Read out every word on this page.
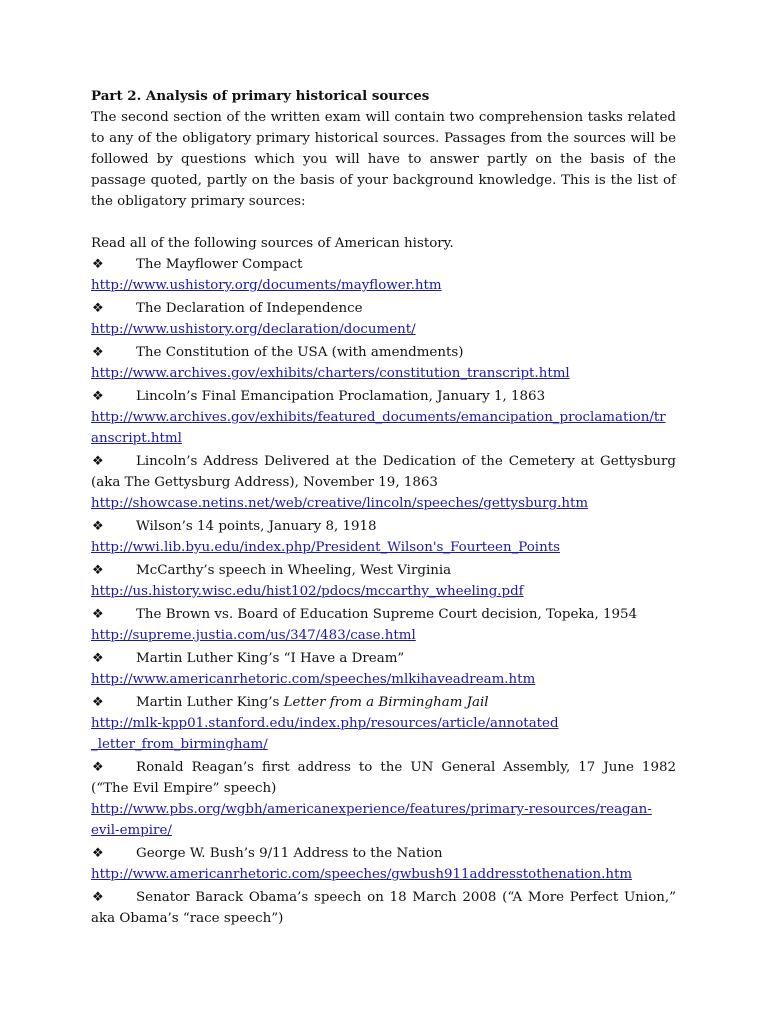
Part 2. Analysis of primary historical sources

The second section of the written exam will contain two comprehension tasks related to any of the obligatory primary historical sources. Passages from the sources will be followed by questions which you will have to answer partly on the basis of the passage quoted, partly on the basis of your background knowledge. This is the list of the obligatory primary sources:

Read all of the following sources of American history.

❖ The Mayflower Compact
http://www.ushistory.org/documents/mayflower.htm
❖ The Declaration of Independence
http://www.ushistory.org/declaration/document/
❖ The Constitution of the USA (with amendments)
http://www.archives.gov/exhibits/charters/constitution_transcript.html
❖ Lincoln’s Final Emancipation Proclamation, January 1, 1863
http://www.archives.gov/exhibits/featured_documents/emancipation_proclamation/tr
anscript.html
❖ Lincoln’s Address Delivered at the Dedication of the Cemetery at Gettysburg (aka The Gettysburg Address), November 19, 1863
http://showcase.netins.net/web/creative/lincoln/speeches/gettysburg.htm
❖ Wilson’s 14 points, January 8, 1918
http://wwi.lib.byu.edu/index.php/President_Wilson's_Fourteen_Points
❖ McCarthy’s speech in Wheeling, West Virginia
http://us.history.wisc.edu/hist102/pdocs/mccarthy_wheeling.pdf
❖ The Brown vs. Board of Education Supreme Court decision, Topeka, 1954
http://supreme.justia.com/us/347/483/case.html
❖ Martin Luther King’s “I Have a Dream”
http://www.americanrhetoric.com/speeches/mlkihaveadream.htm
❖ Martin Luther King’s Letter from a Birmingham Jail
http://mlk-kpp01.stanford.edu/index.php/resources/article/annotated
_letter_from_birmingham/
❖ Ronald Reagan’s first address to the UN General Assembly, 17 June 1982 (“The Evil Empire” speech)
http://www.pbs.org/wgbh/americanexperience/features/primary-resources/reagan-
evil-empire/
❖ George W. Bush’s 9/11 Address to the Nation
http://www.americanrhetoric.com/speeches/gwbush911addresstothenation.htm
❖ Senator Barack Obama’s speech on 18 March 2008 (“A More Perfect Union,” aka Obama’s “race speech”)
